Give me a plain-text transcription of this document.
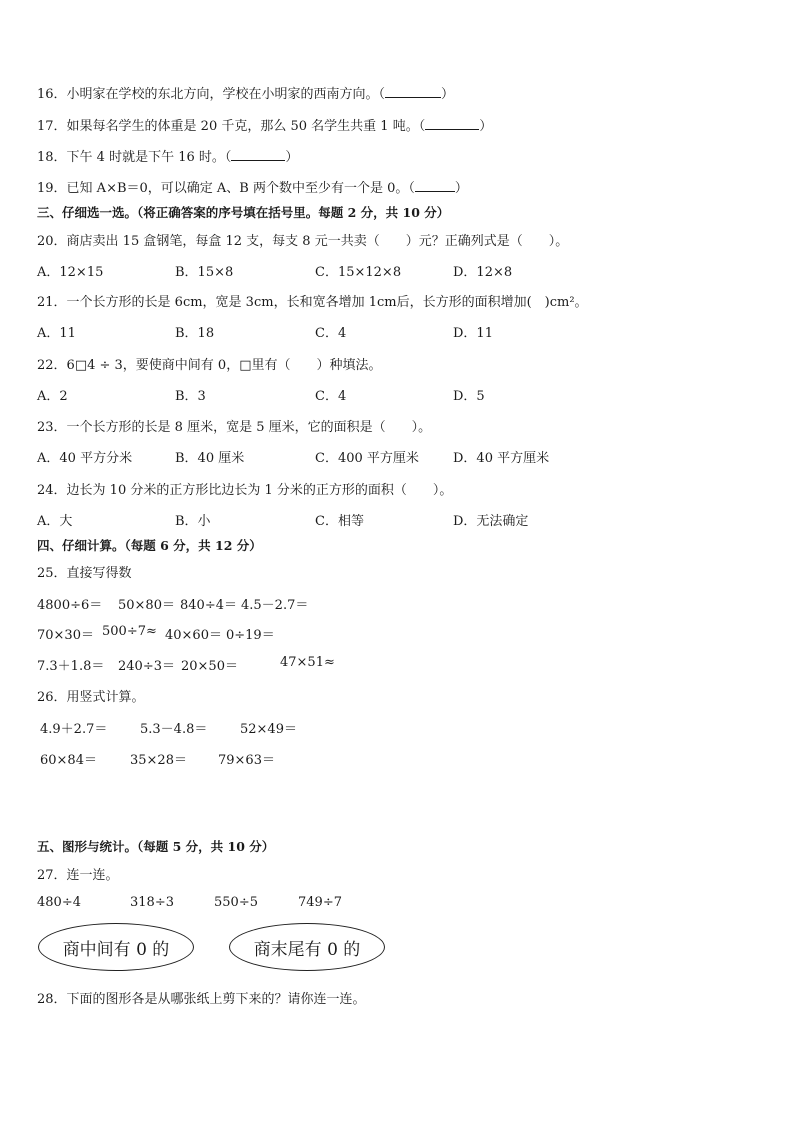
16．小明家在学校的东北方向，学校在小明家的西南方向。（	）
17．如果每名学生的体重是 20 千克，那么 50 名学生共重 1 吨。（	）
18．下午 4 时就是下午 16 时。（	）
19．已知 A×B＝0，可以确定 A、B 两个数中至少有一个是 0。（	）
三、仔细选一选。（将正确答案的序号填在括号里。每题 2 分，共 10 分）
20．商店卖出 15 盒钢笔，每盒 12 支，每支 8 元一共卖（　　）元？正确列式是（　　）。
A．12×15	B．15×8	C．15×12×8	D．12×8
21．一个长方形的长是 6cm，宽是 3cm，长和宽各增加 1cm后，长方形的面积增加(　)cm²。
A．11	B．18	C．4	D．11
22．6□4 ÷ 3，要使商中间有 0，□里有（　　）种填法。
A．2	B．3	C．4	D．5
23．一个长方形的长是 8 厘米，宽是 5 厘米，它的面积是（　　）。
A．40 平方分米	B．40 厘米	C．400 平方厘米	D．40 平方厘米
24．边长为 10 分米的正方形比边长为 1 分米的正方形的面积（　　）。
A．大	B．小	C．相等	D．无法确定
四、仔细计算。（每题 6 分，共 12 分）
25．直接写得数
4800÷6＝ 50×80＝ 840÷4＝ 4.5－2.7＝
70×30＝ 500÷7≈ 40×60＝ 0÷19＝
7.3＋1.8＝ 240÷3＝ 20×50＝	47×51≈
26．用竖式计算。
4.9＋2.7＝	5.3－4.8＝	52×49＝
60×84＝	35×28＝ 79×63＝
五、图形与统计。（每题 5 分，共 10 分）
27．连一连。
480÷4	318÷3	550÷5	749÷7
商中间有 0 的	商末尾有 0 的
28．下面的图形各是从哪张纸上剪下来的？请你连一连。
